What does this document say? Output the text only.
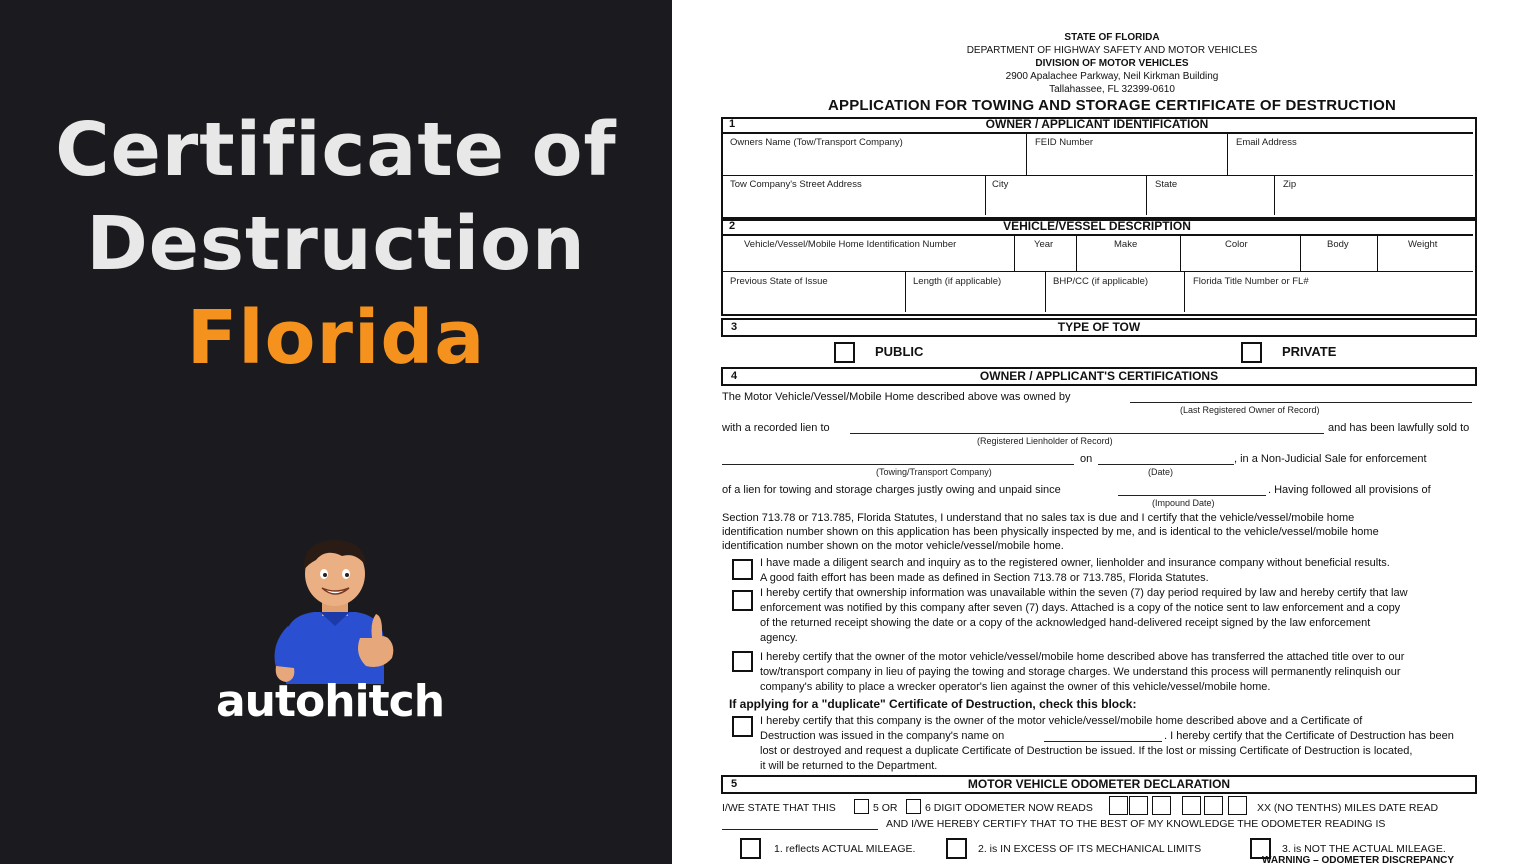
Certificate of
Destruction
Florida
autohitch
STATE OF FLORIDA
DEPARTMENT OF HIGHWAY SAFETY AND MOTOR VEHICLES
DIVISION OF MOTOR VEHICLES
2900 Apalachee Parkway, Neil Kirkman Building
Tallahassee, FL 32399-0610
APPLICATION FOR TOWING AND STORAGE CERTIFICATE OF DESTRUCTION
1	OWNER / APPLICANT IDENTIFICATION
Owners Name (Tow/Transport Company)	FEID Number	Email Address
Tow Company's Street Address	City	State	Zip
2	VEHICLE/VESSEL DESCRIPTION
Vehicle/Vessel/Mobile Home Identification Number	Year	Make	Color	Body	Weight
Previous State of Issue	Length (if applicable)	BHP/CC (if applicable)	Florida Title Number or FL#
3	TYPE OF TOW
PUBLIC	PRIVATE
4	OWNER / APPLICANT'S CERTIFICATIONS
The Motor Vehicle/Vessel/Mobile Home described above was owned by
(Last Registered Owner of Record)
with a recorded lien to	and has been lawfully sold to
(Registered Lienholder of Record)
on	, in a Non-Judicial Sale for enforcement
(Towing/Transport Company)	(Date)
of a lien for towing and storage charges justly owing and unpaid since	. Having followed all provisions of
(Impound Date)
Section 713.78 or 713.785, Florida Statutes, I understand that no sales tax is due and I certify that the vehicle/vessel/mobile home
identification number shown on this application has been physically inspected by me, and is identical to the vehicle/vessel/mobile home
identification number shown on the motor vehicle/vessel/mobile home.
I have made a diligent search and inquiry as to the registered owner, lienholder and insurance company without beneficial results.
A good faith effort has been made as defined in Section 713.78 or 713.785, Florida Statutes.
I hereby certify that ownership information was unavailable within the seven (7) day period required by law and hereby certify that law
enforcement was notified by this company after seven (7) days. Attached is a copy of the notice sent to law enforcement and a copy
of the returned receipt showing the date or a copy of the acknowledged hand-delivered receipt signed by the law enforcement
agency.
I hereby certify that the owner of the motor vehicle/vessel/mobile home described above has transferred the attached title over to our
tow/transport company in lieu of paying the towing and storage charges. We understand this process will permanently relinquish our
company's ability to place a wrecker operator's lien against the owner of this vehicle/vessel/mobile home.
If applying for a "duplicate" Certificate of Destruction, check this block:
I hereby certify that this company is the owner of the motor vehicle/vessel/mobile home described above and a Certificate of
Destruction was issued in the company's name on	. I hereby certify that the Certificate of Destruction has been
lost or destroyed and request a duplicate Certificate of Destruction be issued. If the lost or missing Certificate of Destruction is located,
it will be returned to the Department.
5	MOTOR VEHICLE ODOMETER DECLARATION
I/WE STATE THAT THIS	5 OR	6 DIGIT ODOMETER NOW READS	XX (NO TENTHS) MILES DATE READ
AND I/WE HEREBY CERTIFY THAT TO THE BEST OF MY KNOWLEDGE THE ODOMETER READING IS
1. reflects ACTUAL MILEAGE.	2. is IN EXCESS OF ITS MECHANICAL LIMITS	3. is NOT THE ACTUAL MILEAGE.
WARNING – ODOMETER DISCREPANCY
